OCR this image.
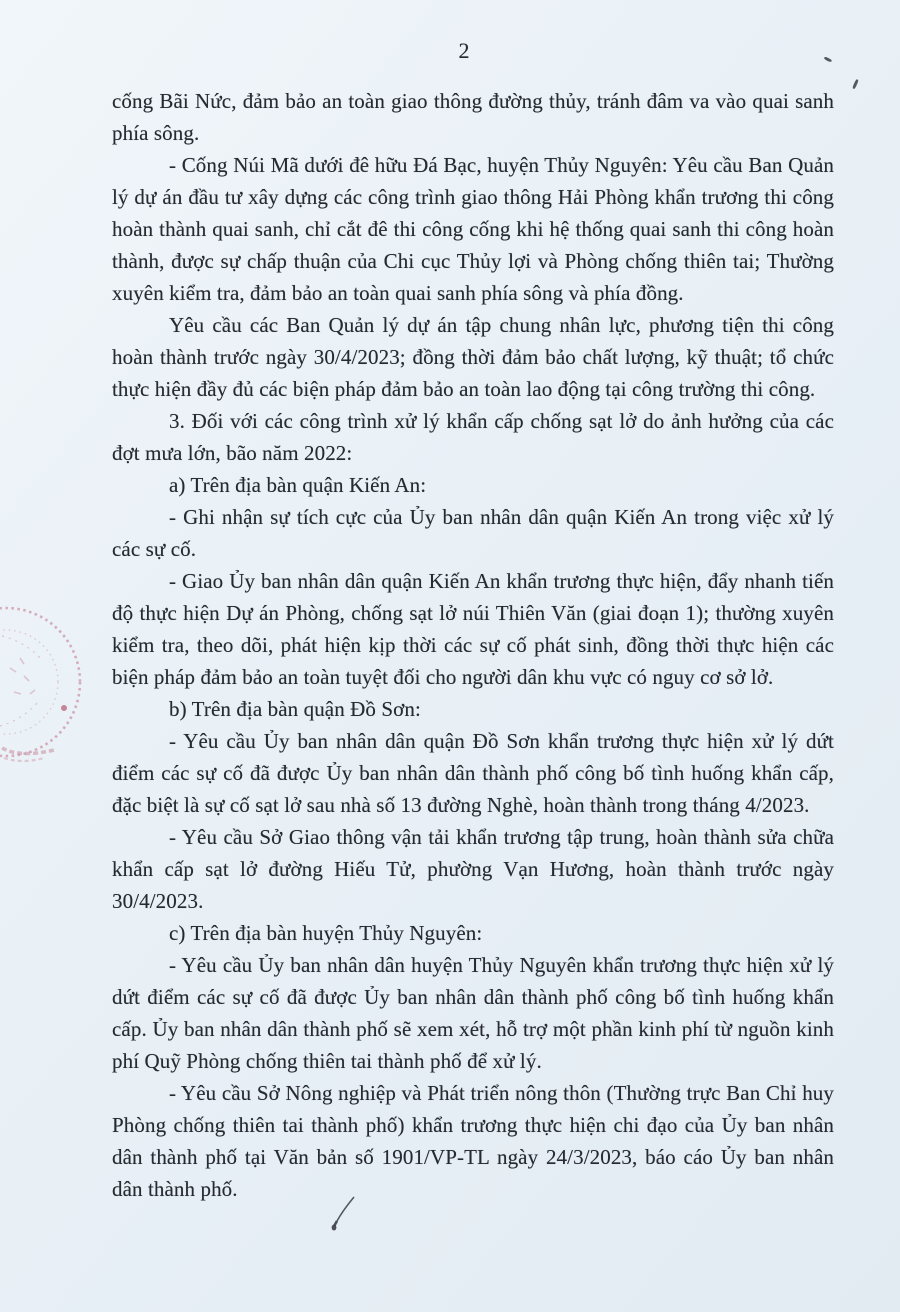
2

cống Bãi Nức, đảm bảo an toàn giao thông đường thủy, tránh đâm va vào quai sanh phía sông.

- Cống Núi Mã dưới đê hữu Đá Bạc, huyện Thủy Nguyên: Yêu cầu Ban Quản lý dự án đầu tư xây dựng các công trình giao thông Hải Phòng khẩn trương thi công hoàn thành quai sanh, chỉ cắt đê thi công cống khi hệ thống quai sanh thi công hoàn thành, được sự chấp thuận của Chi cục Thủy lợi và Phòng chống thiên tai; Thường xuyên kiểm tra, đảm bảo an toàn quai sanh phía sông và phía đồng.

Yêu cầu các Ban Quản lý dự án tập chung nhân lực, phương tiện thi công hoàn thành trước ngày 30/4/2023; đồng thời đảm bảo chất lượng, kỹ thuật; tổ chức thực hiện đầy đủ các biện pháp đảm bảo an toàn lao động tại công trường thi công.

3. Đối với các công trình xử lý khẩn cấp chống sạt lở do ảnh hưởng của các đợt mưa lớn, bão năm 2022:

a) Trên địa bàn quận Kiến An:

- Ghi nhận sự tích cực của Ủy ban nhân dân quận Kiến An trong việc xử lý các sự cố.

- Giao Ủy ban nhân dân quận Kiến An khẩn trương thực hiện, đẩy nhanh tiến độ thực hiện Dự án Phòng, chống sạt lở núi Thiên Văn (giai đoạn 1); thường xuyên kiểm tra, theo dõi, phát hiện kịp thời các sự cố phát sinh, đồng thời thực hiện các biện pháp đảm bảo an toàn tuyệt đối cho người dân khu vực có nguy cơ sở lở.

b) Trên địa bàn quận Đồ Sơn:

- Yêu cầu Ủy ban nhân dân quận Đồ Sơn khẩn trương thực hiện xử lý dứt điểm các sự cố đã được Ủy ban nhân dân thành phố công bố tình huống khẩn cấp, đặc biệt là sự cố sạt lở sau nhà số 13 đường Nghè, hoàn thành trong tháng 4/2023.

- Yêu cầu Sở Giao thông vận tải khẩn trương tập trung, hoàn thành sửa chữa khẩn cấp sạt lở đường Hiếu Tử, phường Vạn Hương, hoàn thành trước ngày 30/4/2023.

c) Trên địa bàn huyện Thủy Nguyên:

- Yêu cầu Ủy ban nhân dân huyện Thủy Nguyên khẩn trương thực hiện xử lý dứt điểm các sự cố đã được Ủy ban nhân dân thành phố công bố tình huống khẩn cấp. Ủy ban nhân dân thành phố sẽ xem xét, hỗ trợ một phần kinh phí từ nguồn kinh phí Quỹ Phòng chống thiên tai thành phố để xử lý.

- Yêu cầu Sở Nông nghiệp và Phát triển nông thôn (Thường trực Ban Chỉ huy Phòng chống thiên tai thành phố) khẩn trương thực hiện chi đạo của Ủy ban nhân dân thành phố tại Văn bản số 1901/VP-TL ngày 24/3/2023, báo cáo Ủy ban nhân dân thành phố.
